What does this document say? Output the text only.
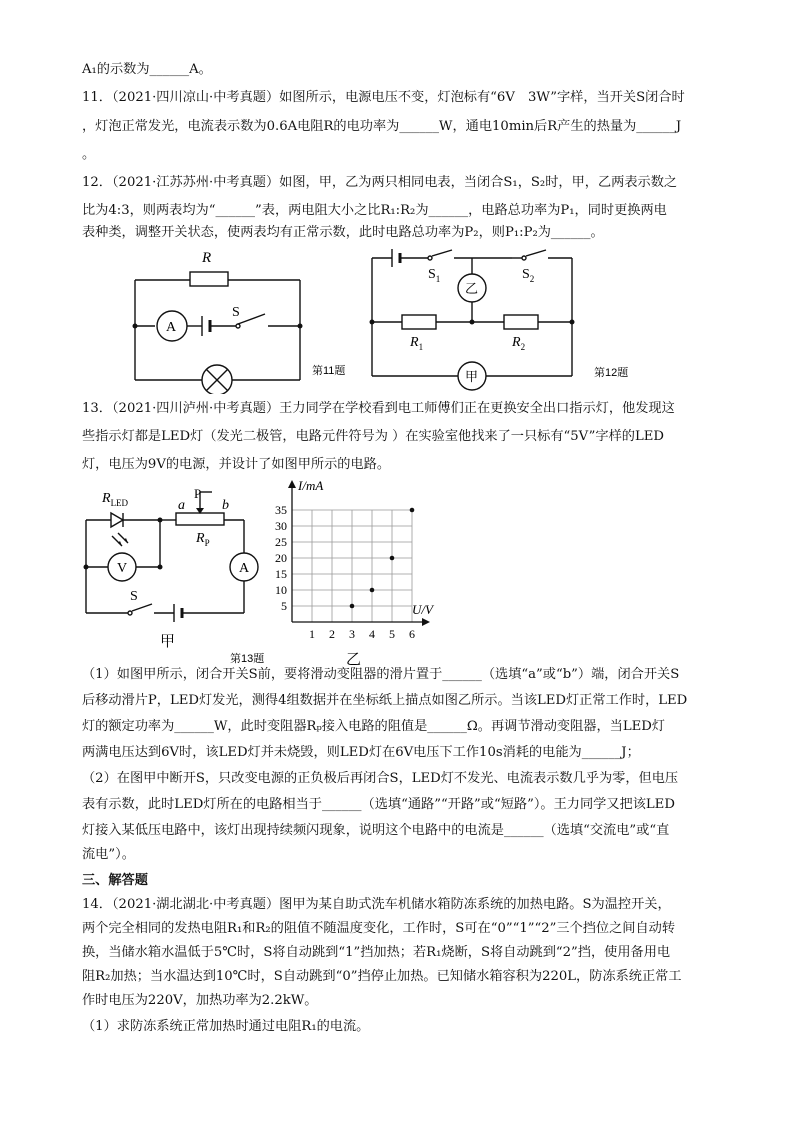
A₁的示数为______A。
11．（2021·四川凉山·中考真题）如图所示，电源电压不变，灯泡标有“6V　3W”字样，当开关S闭合时
，灯泡正常发光，电流表示数为0.6A电阻R的电功率为______W，通电10min后R产生的热量为______J
。
12．（2021·江苏苏州·中考真题）如图，甲，乙为两只相同电表，当闭合S₁，S₂时，甲，乙两表示数之
比为4:3，则两表均为“______”表，两电阻大小之比R₁:R₂为______，电路总功率为P₁，同时更换两电
表种类，调整开关状态，使两表均有正常示数，此时电路总功率为P₂，则P₁:P₂为______。
R
A
S
第11题
$S_1$	$S_2$
乙
甲
$R_1$	$R_2$
第12题
13．（2021·四川泸州·中考真题）王力同学在学校看到电工师傅们正在更换安全出口指示灯，他发现这
些指示灯都是LED灯（发光二极管，电路元件符号为 ）在实验室他找来了一只标有“5V”字样的LED
灯，电压为9V的电源，并设计了如图甲所示的电路。
$R_{LED}$	a
P
b
$R_P$
V	A
S
甲
第13题
5
10
15
20
25
30
35
1 2 3 4 5 6
I/mA
U/V
乙
（1）如图甲所示，闭合开关S前，要将滑动变阻器的滑片置于______（选填“a”或“b”）端，闭合开关S
后移动滑片P，LED灯发光，测得4组数据并在坐标纸上描点如图乙所示。当该LED灯正常工作时，LED
灯的额定功率为______W，此时变阻器Rₚ接入电路的阻值是______Ω。再调节滑动变阻器，当LED灯
两满电压达到6V时，该LED灯并未烧毁，则LED灯在6V电压下工作10s消耗的电能为______J；
（2）在图甲中断开S，只改变电源的正负极后再闭合S，LED灯不发光、电流表示数几乎为零，但电压
表有示数，此时LED灯所在的电路相当于______（选填“通路”“开路”或“短路”）。王力同学又把该LED
灯接入某低压电路中，该灯出现持续频闪现象，说明这个电路中的电流是______（选填“交流电”或“直
流电”）。
三、解答题
14．（2021·湖北湖北·中考真题）图甲为某自助式洗车机储水箱防冻系统的加热电路。S为温控开关，
两个完全相同的发热电阻R₁和R₂的阻值不随温度变化，工作时，S可在“0”“1”“2”三个挡位之间自动转
换，当储水箱水温低于5℃时，S将自动跳到“1”挡加热；若R₁烧断，S将自动跳到“2”挡，使用备用电
阻R₂加热；当水温达到10℃时，S自动跳到“0”挡停止加热。已知储水箱容积为220L，防冻系统正常工
作时电压为220V，加热功率为2.2kW。
（1）求防冻系统正常加热时通过电阻R₁的电流。
